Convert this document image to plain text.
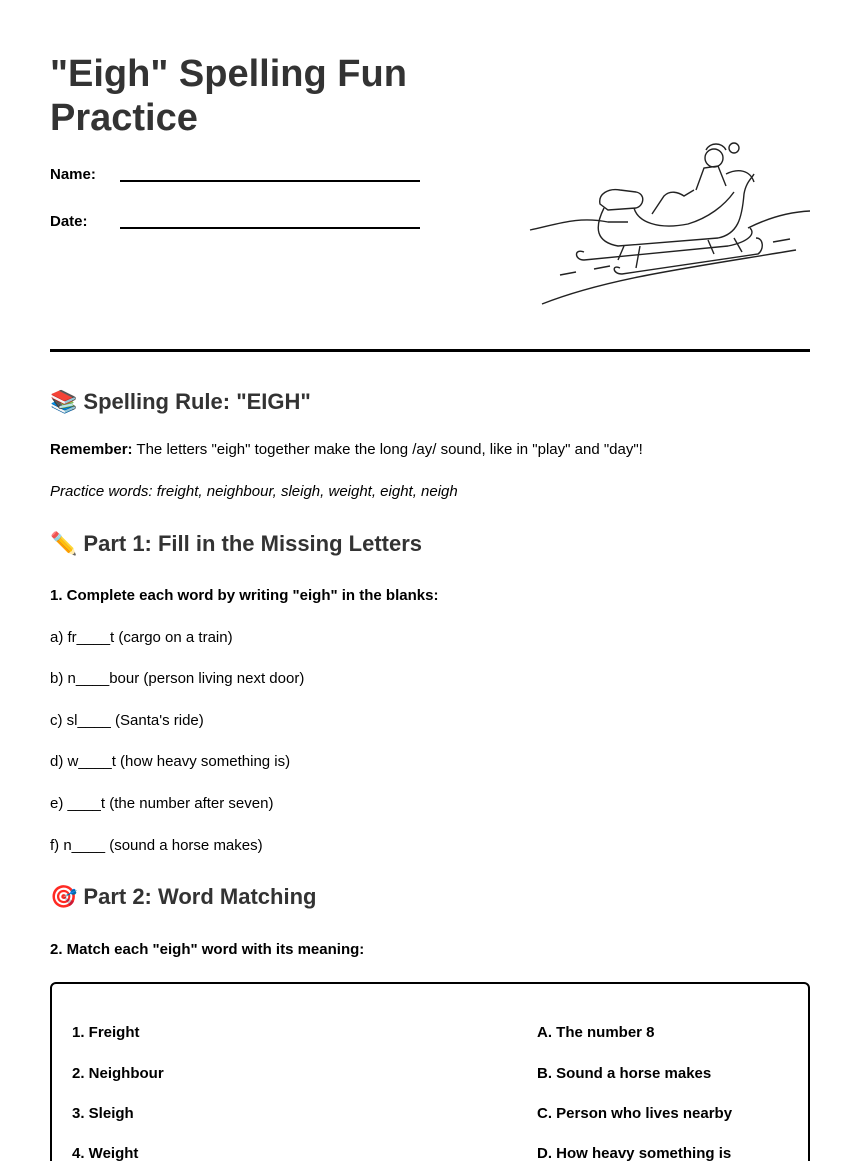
"Eigh" Spelling Fun Practice
Name:
Date:
📚 Spelling Rule: "EIGH"
Remember: The letters "eigh" together make the long /ay/ sound, like in "play" and "day"!
Practice words: freight, neighbour, sleigh, weight, eight, neigh
✏️ Part 1: Fill in the Missing Letters
1. Complete each word by writing "eigh" in the blanks:
a) fr____t (cargo on a train)
b) n____bour (person living next door)
c) sl____ (Santa's ride)
d) w____t (how heavy something is)
e) ____t (the number after seven)
f) n____ (sound a horse makes)
🎯 Part 2: Word Matching
2. Match each "eigh" word with its meaning:
1. Freight
2. Neighbour
3. Sleigh
4. Weight
A. The number 8
B. Sound a horse makes
C. Person who lives nearby
D. How heavy something is
